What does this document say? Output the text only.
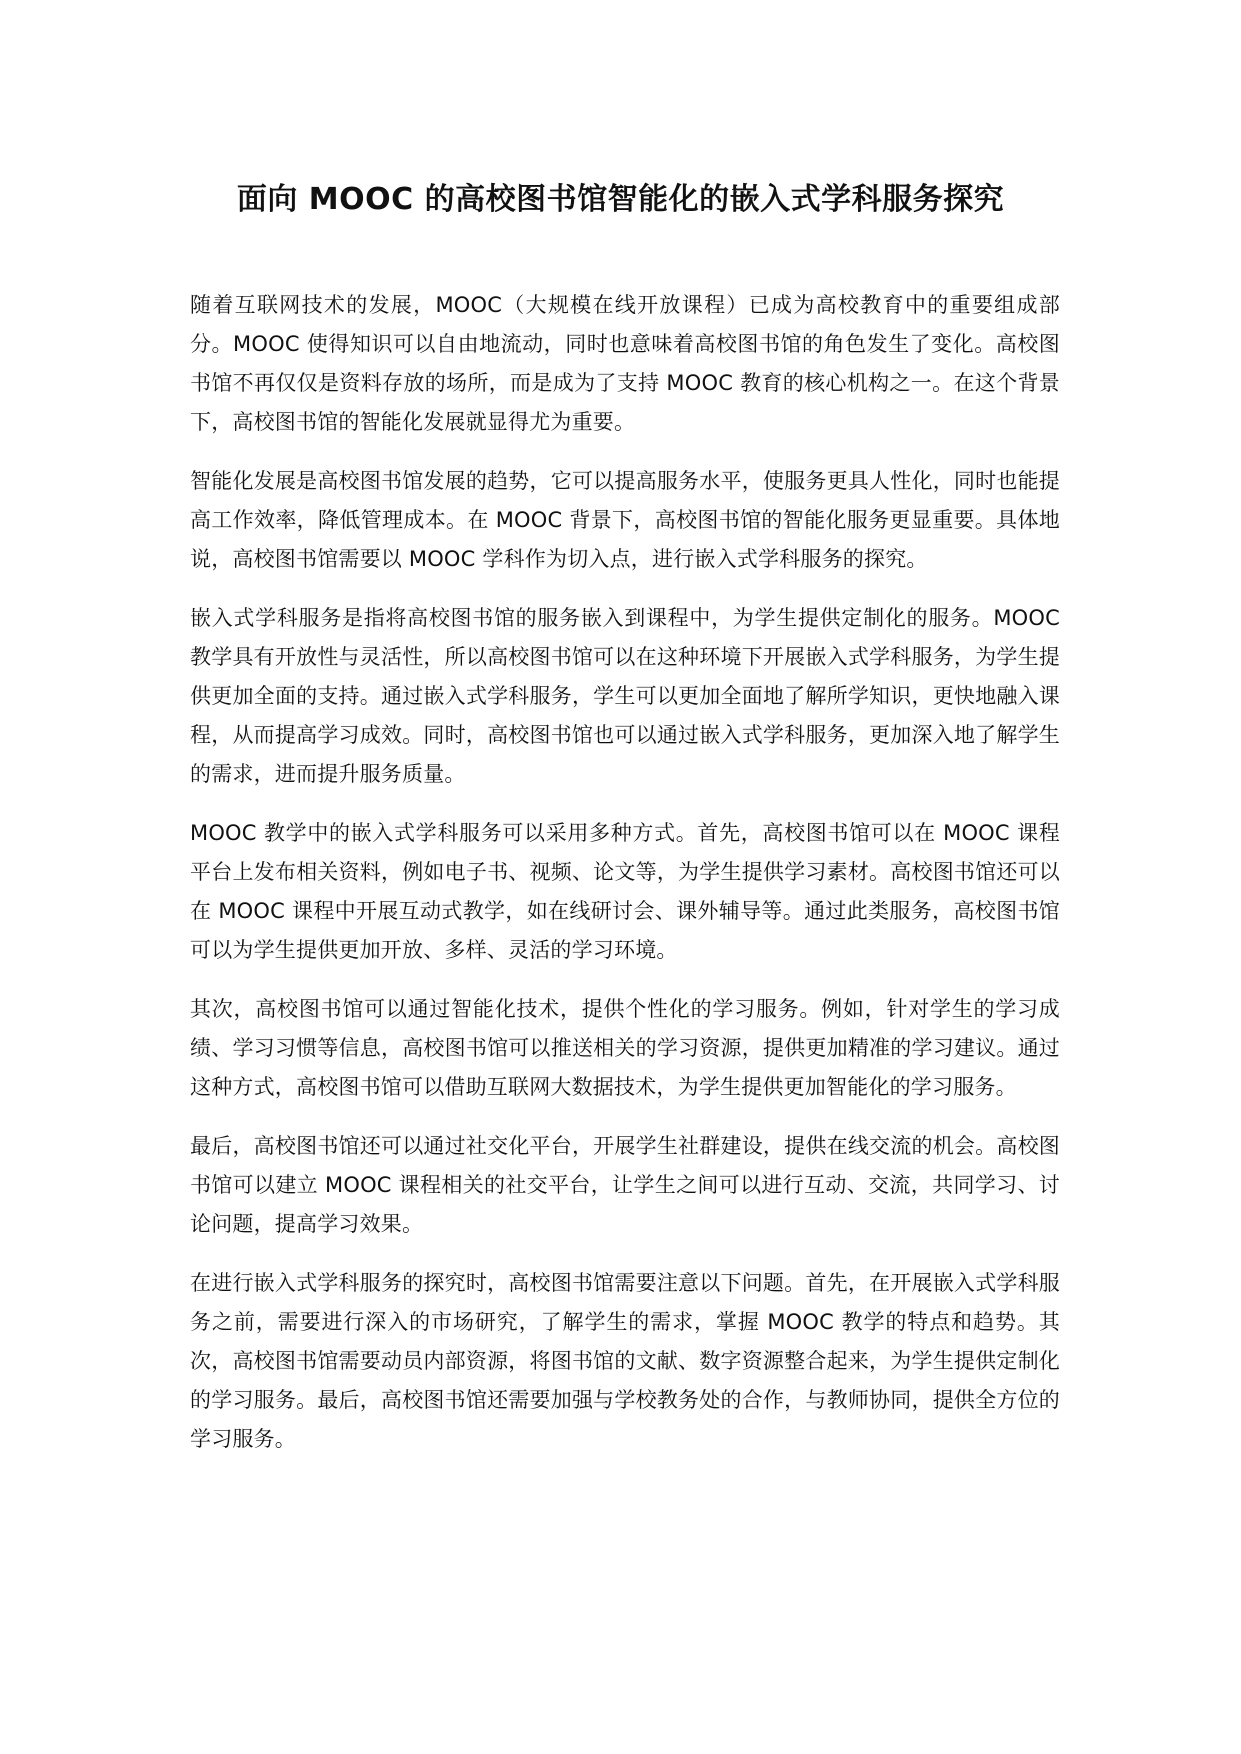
面向 MOOC 的高校图书馆智能化的嵌入式学科服务探究

随着互联网技术的发展，MOOC（大规模在线开放课程）已成为高校教育中的重要组成部分。MOOC 使得知识可以自由地流动，同时也意味着高校图书馆的角色发生了变化。高校图书馆不再仅仅是资料存放的场所，而是成为了支持 MOOC 教育的核心机构之一。在这个背景下，高校图书馆的智能化发展就显得尤为重要。

智能化发展是高校图书馆发展的趋势，它可以提高服务水平，使服务更具人性化，同时也能提高工作效率，降低管理成本。在 MOOC 背景下，高校图书馆的智能化服务更显重要。具体地说，高校图书馆需要以 MOOC 学科作为切入点，进行嵌入式学科服务的探究。

嵌入式学科服务是指将高校图书馆的服务嵌入到课程中，为学生提供定制化的服务。MOOC 教学具有开放性与灵活性，所以高校图书馆可以在这种环境下开展嵌入式学科服务，为学生提供更加全面的支持。通过嵌入式学科服务，学生可以更加全面地了解所学知识，更快地融入课程，从而提高学习成效。同时，高校图书馆也可以通过嵌入式学科服务，更加深入地了解学生的需求，进而提升服务质量。

MOOC 教学中的嵌入式学科服务可以采用多种方式。首先，高校图书馆可以在 MOOC 课程平台上发布相关资料，例如电子书、视频、论文等，为学生提供学习素材。高校图书馆还可以在 MOOC 课程中开展互动式教学，如在线研讨会、课外辅导等。通过此类服务，高校图书馆可以为学生提供更加开放、多样、灵活的学习环境。

其次，高校图书馆可以通过智能化技术，提供个性化的学习服务。例如，针对学生的学习成绩、学习习惯等信息，高校图书馆可以推送相关的学习资源，提供更加精准的学习建议。通过这种方式，高校图书馆可以借助互联网大数据技术，为学生提供更加智能化的学习服务。

最后，高校图书馆还可以通过社交化平台，开展学生社群建设，提供在线交流的机会。高校图书馆可以建立 MOOC 课程相关的社交平台，让学生之间可以进行互动、交流，共同学习、讨论问题，提高学习效果。

在进行嵌入式学科服务的探究时，高校图书馆需要注意以下问题。首先，在开展嵌入式学科服务之前，需要进行深入的市场研究，了解学生的需求，掌握 MOOC 教学的特点和趋势。其次，高校图书馆需要动员内部资源，将图书馆的文献、数字资源整合起来，为学生提供定制化的学习服务。最后，高校图书馆还需要加强与学校教务处的合作，与教师协同，提供全方位的学习服务。
